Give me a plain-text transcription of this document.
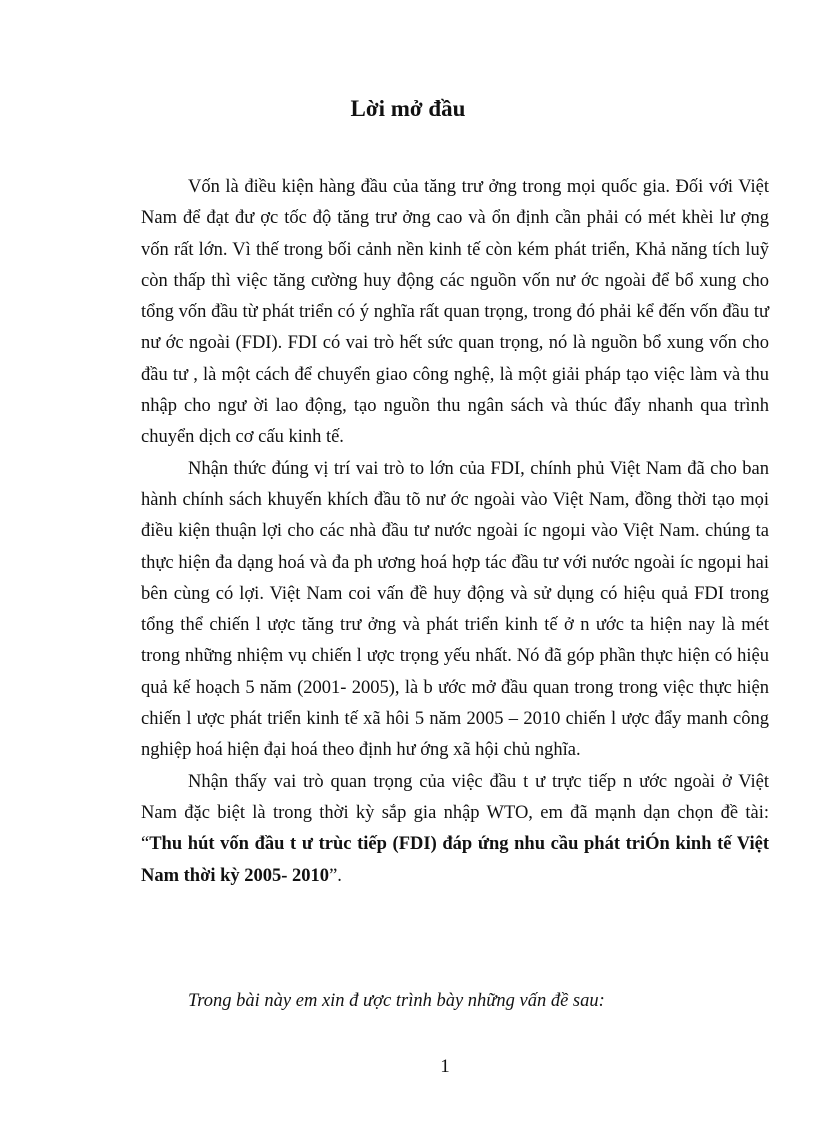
Lời mở đầu

Vốn là điều kiện hàng đầu của tăng trư ởng trong mọi quốc gia. Đối với Việt Nam để đạt đư ợc tốc độ tăng trư ởng cao và ổn định cần phải có mét khèi lư ợng vốn rất lớn. Vì thế trong bối cảnh nền kinh tế còn kém phát triển, Khả năng tích luỹ còn thấp thì việc tăng cường huy động các nguồn vốn nư ớc ngoài để bổ xung cho tổng vốn đầu từ phát triển có ý nghĩa rất quan trọng, trong đó phải kể đến vốn đầu tư nư ớc ngoài (FDI). FDI có vai trò hết sức quan trọng, nó là nguồn bổ xung vốn cho đầu tư , là một cách để chuyển giao công nghệ, là một giải pháp tạo việc làm và thu nhập cho ngư ời lao động, tạo nguồn thu ngân sách và thúc đẩy nhanh qua trình chuyển dịch cơ cấu kinh tế.

Nhận thức đúng vị trí vai trò to lớn của FDI, chính phủ Việt Nam đã cho ban hành chính sách khuyến khích đầu tõ nư ớc ngoài vào Việt Nam, đồng thời tạo mọi điều kiện thuận lợi cho các nhà đầu tư nước ngoài íc ngoµi vào Việt Nam. chúng ta thực hiện đa dạng hoá và đa ph ương hoá hợp tác đầu tư với nước ngoài íc ngoµi hai bên cùng có lợi. Việt Nam coi vấn đề huy động và sử dụng có hiệu quả FDI trong tổng thể chiến l ược tăng trư ởng và phát triển kinh tế ở n ước ta hiện nay là mét trong những nhiệm vụ chiến l ược trọng yếu nhất. Nó đã góp phần thực hiện có hiệu quả kế hoạch 5 năm (2001- 2005), là b ước mở đầu quan trong trong việc thực hiện chiến l ược phát triển kinh tế xã hôi 5 năm 2005 – 2010 chiến l ược đẩy manh công nghiệp hoá hiện đại hoá theo định hư ớng xã hội chủ nghĩa.

Nhận thấy vai trò quan trọng của việc đầu t ư trực tiếp n ước ngoài ở Việt Nam đặc biệt là trong thời kỳ sắp gia nhập WTO, em đã mạnh dạn chọn đề tài: “Thu hút vốn đầu t ư trùc tiếp (FDI) đáp ứng nhu cầu phát triÓn kinh tế Việt Nam thời kỳ 2005- 2010”.

Trong bài này em xin đ ược trình bày những vấn đề sau:

1
